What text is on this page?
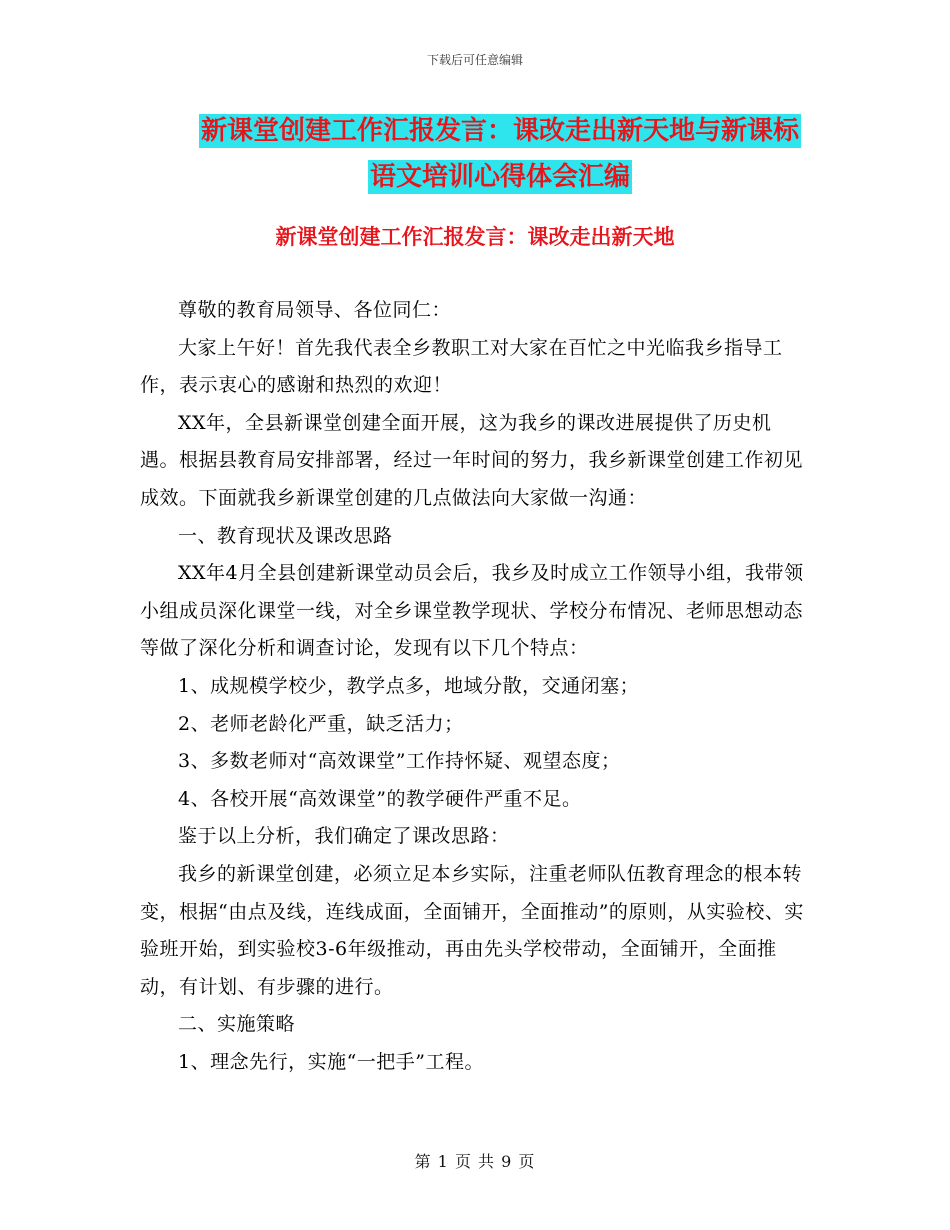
下载后可任意编辑
新课堂创建工作汇报发言：课改走出新天地与新课标
语文培训心得体会汇编
新课堂创建工作汇报发言：课改走出新天地

尊敬的教育局领导、各位同仁：

大家上午好！首先我代表全乡教职工对大家在百忙之中光临我乡指导工作，表示衷心的感谢和热烈的欢迎！

XX年，全县新课堂创建全面开展，这为我乡的课改进展提供了历史机遇。根据县教育局安排部署，经过一年时间的努力，我乡新课堂创建工作初见成效。下面就我乡新课堂创建的几点做法向大家做一沟通：

一、教育现状及课改思路

XX年4月全县创建新课堂动员会后，我乡及时成立工作领导小组，我带领小组成员深化课堂一线，对全乡课堂教学现状、学校分布情况、老师思想动态等做了深化分析和调查讨论，发现有以下几个特点：

1、成规模学校少，教学点多，地域分散，交通闭塞；

2、老师老龄化严重，缺乏活力；

3、多数老师对“高效课堂”工作持怀疑、观望态度；

4、各校开展“高效课堂”的教学硬件严重不足。

鉴于以上分析，我们确定了课改思路：

我乡的新课堂创建，必须立足本乡实际，注重老师队伍教育理念的根本转变，根据“由点及线，连线成面，全面铺开，全面推动”的原则，从实验校、实验班开始，到实验校3-6年级推动，再由先头学校带动，全面铺开，全面推动，有计划、有步骤的进行。

二、实施策略

1、理念先行，实施“一把手”工程。

第 1 页 共 9 页
